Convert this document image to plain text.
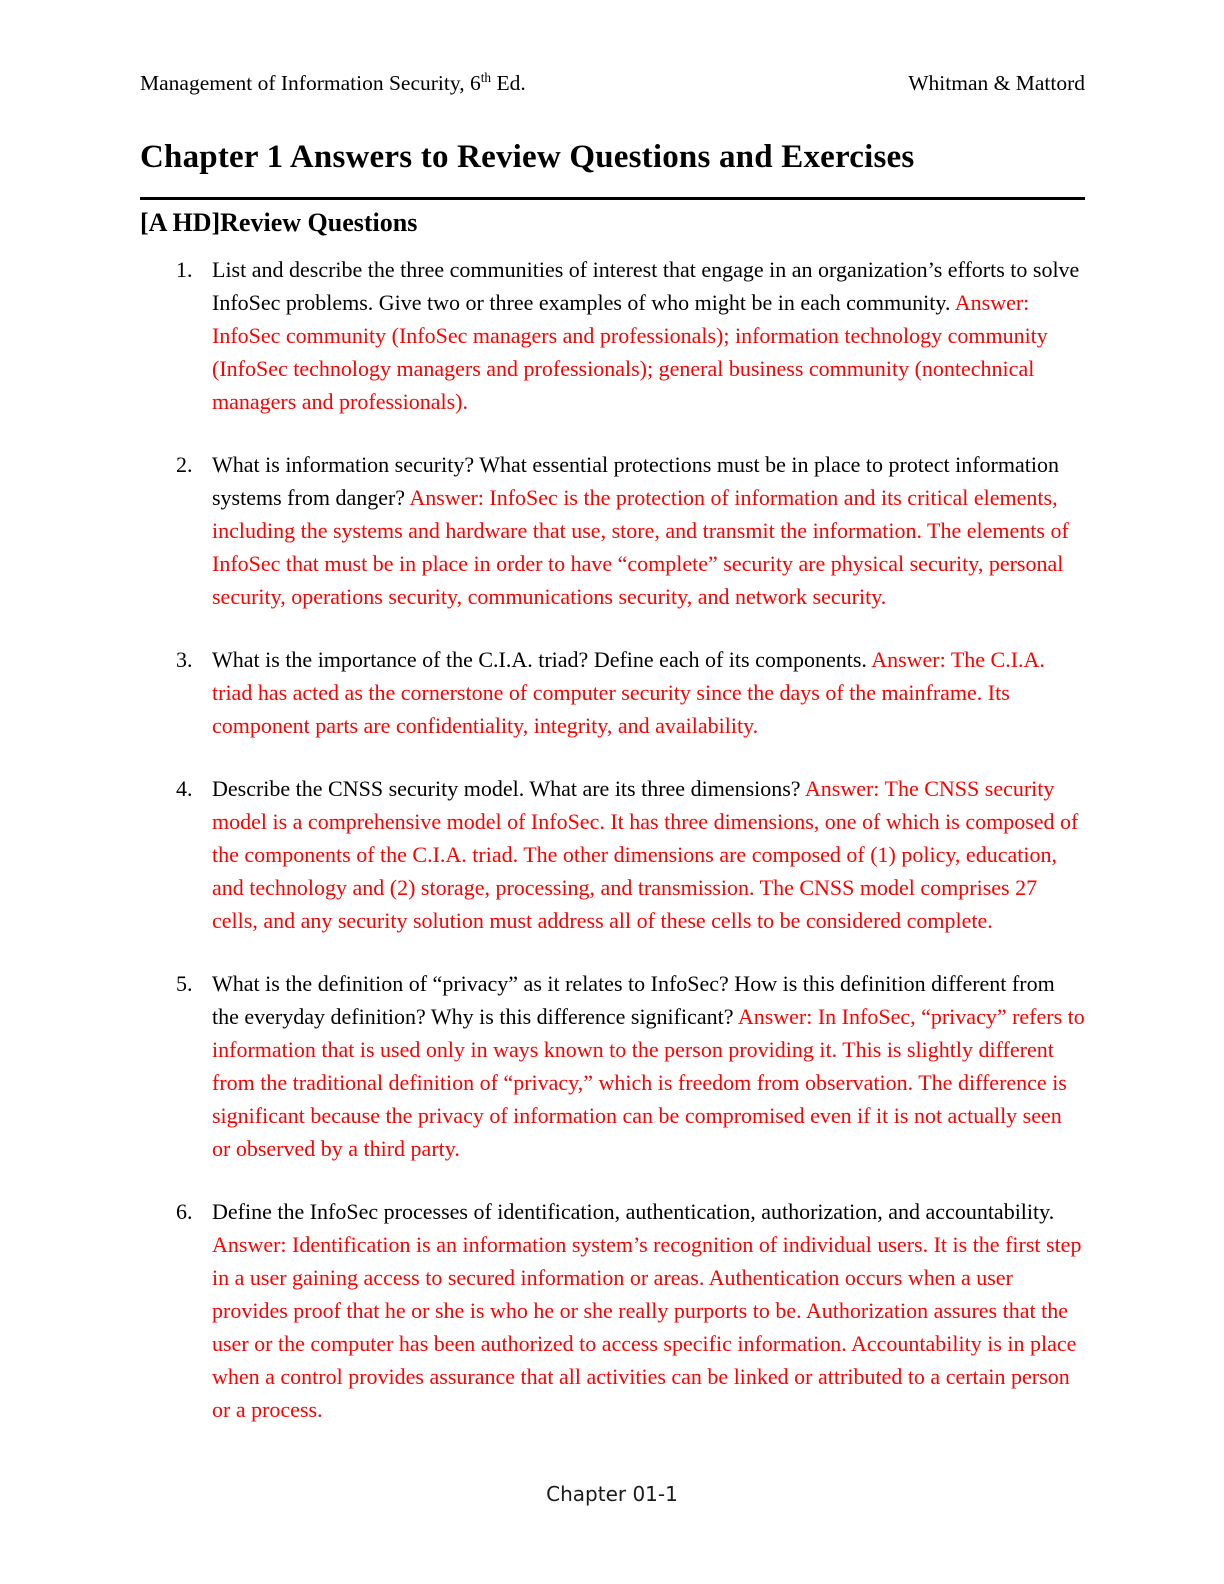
Management of Information Security, 6th Ed.	Whitman & Mattord
Chapter 1 Answers to Review Questions and Exercises
[A HD]Review Questions
1. List and describe the three communities of interest that engage in an organization’s efforts to solve InfoSec problems. Give two or three examples of who might be in each community. Answer: InfoSec community (InfoSec managers and professionals); information technology community (InfoSec technology managers and professionals); general business community (nontechnical managers and professionals).
2. What is information security? What essential protections must be in place to protect information systems from danger? Answer: InfoSec is the protection of information and its critical elements, including the systems and hardware that use, store, and transmit the information. The elements of InfoSec that must be in place in order to have “complete” security are physical security, personal security, operations security, communications security, and network security.
3. What is the importance of the C.I.A. triad? Define each of its components. Answer: The C.I.A. triad has acted as the cornerstone of computer security since the days of the mainframe. Its component parts are confidentiality, integrity, and availability.
4. Describe the CNSS security model. What are its three dimensions? Answer: The CNSS security model is a comprehensive model of InfoSec. It has three dimensions, one of which is composed of the components of the C.I.A. triad. The other dimensions are composed of (1) policy, education, and technology and (2) storage, processing, and transmission. The CNSS model comprises 27 cells, and any security solution must address all of these cells to be considered complete.
5. What is the definition of “privacy” as it relates to InfoSec? How is this definition different from the everyday definition? Why is this difference significant? Answer: In InfoSec, “privacy” refers to information that is used only in ways known to the person providing it. This is slightly different from the traditional definition of “privacy,” which is freedom from observation. The difference is significant because the privacy of information can be compromised even if it is not actually seen or observed by a third party.
6. Define the InfoSec processes of identification, authentication, authorization, and accountability. Answer: Identification is an information system’s recognition of individual users. It is the first step in a user gaining access to secured information or areas. Authentication occurs when a user provides proof that he or she is who he or she really purports to be. Authorization assures that the user or the computer has been authorized to access specific information. Accountability is in place when a control provides assurance that all activities can be linked or attributed to a certain person or a process.
Chapter 01-1
